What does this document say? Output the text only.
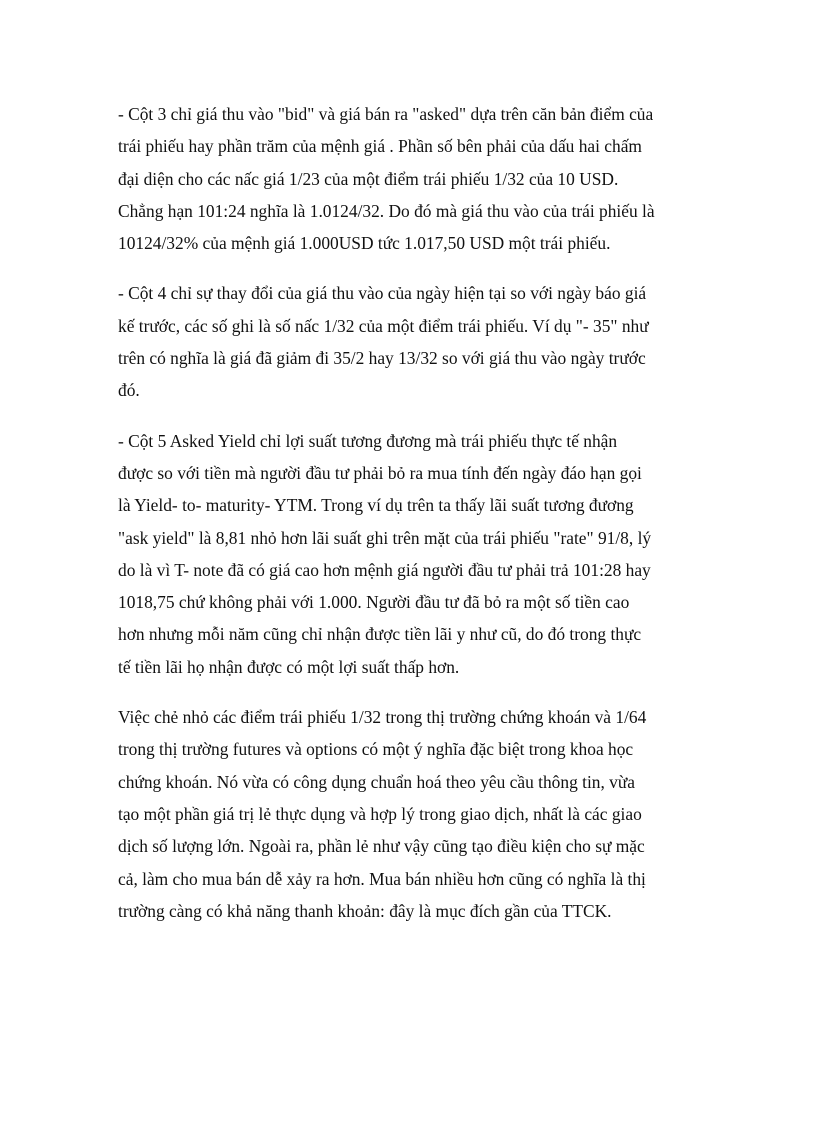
- Cột 3 chỉ giá thu vào "bid" và giá bán ra "asked" dựa trên căn bản điểm của
trái phiếu hay phần trăm của mệnh giá . Phần số bên phải của dấu hai chấm
đại diện cho các nấc giá 1/23 của một điểm trái phiếu 1/32 của 10 USD.
Chẳng hạn 101:24 nghĩa là 1.0124/32. Do đó mà giá thu vào của trái phiếu là
10124/32% của mệnh giá 1.000USD tức 1.017,50 USD một trái phiếu.

- Cột 4 chỉ sự thay đổi của giá thu vào của ngày hiện tại so với ngày báo giá
kế trước, các số ghi là số nấc 1/32 của một điểm trái phiếu. Ví dụ "- 35" như
trên có nghĩa là giá đã giảm đi 35/2 hay 13/32 so với giá thu vào ngày trước
đó.

- Cột 5 Asked Yield chỉ lợi suất tương đương mà trái phiếu thực tế nhận
được so với tiền mà người đầu tư phải bỏ ra mua tính đến ngày đáo hạn gọi
là Yield- to- maturity- YTM. Trong ví dụ trên ta thấy lãi suất tương đương
"ask yield" là 8,81 nhỏ hơn lãi suất ghi trên mặt của trái phiếu "rate" 91/8, lý
do là vì T- note đã có giá cao hơn mệnh giá người đầu tư phải trả 101:28 hay
1018,75 chứ không phải với 1.000. Người đầu tư đã bỏ ra một số tiền cao
hơn nhưng mỗi năm cũng chỉ nhận được tiền lãi y như cũ, do đó trong thực
tế tiền lãi họ nhận được có một lợi suất thấp hơn.

Việc chẻ nhỏ các điểm trái phiếu 1/32 trong thị trường chứng khoán và 1/64
trong thị trường futures và options có một ý nghĩa đặc biệt trong khoa học
chứng khoán. Nó vừa có công dụng chuẩn hoá theo yêu cầu thông tin, vừa
tạo một phần giá trị lẻ thực dụng và hợp lý trong giao dịch, nhất là các giao
dịch số lượng lớn. Ngoài ra, phần lẻ như vậy cũng tạo điều kiện cho sự mặc
cả, làm cho mua bán dễ xảy ra hơn. Mua bán nhiều hơn cũng có nghĩa là thị
trường càng có khả năng thanh khoản: đây là mục đích gần của TTCK.
